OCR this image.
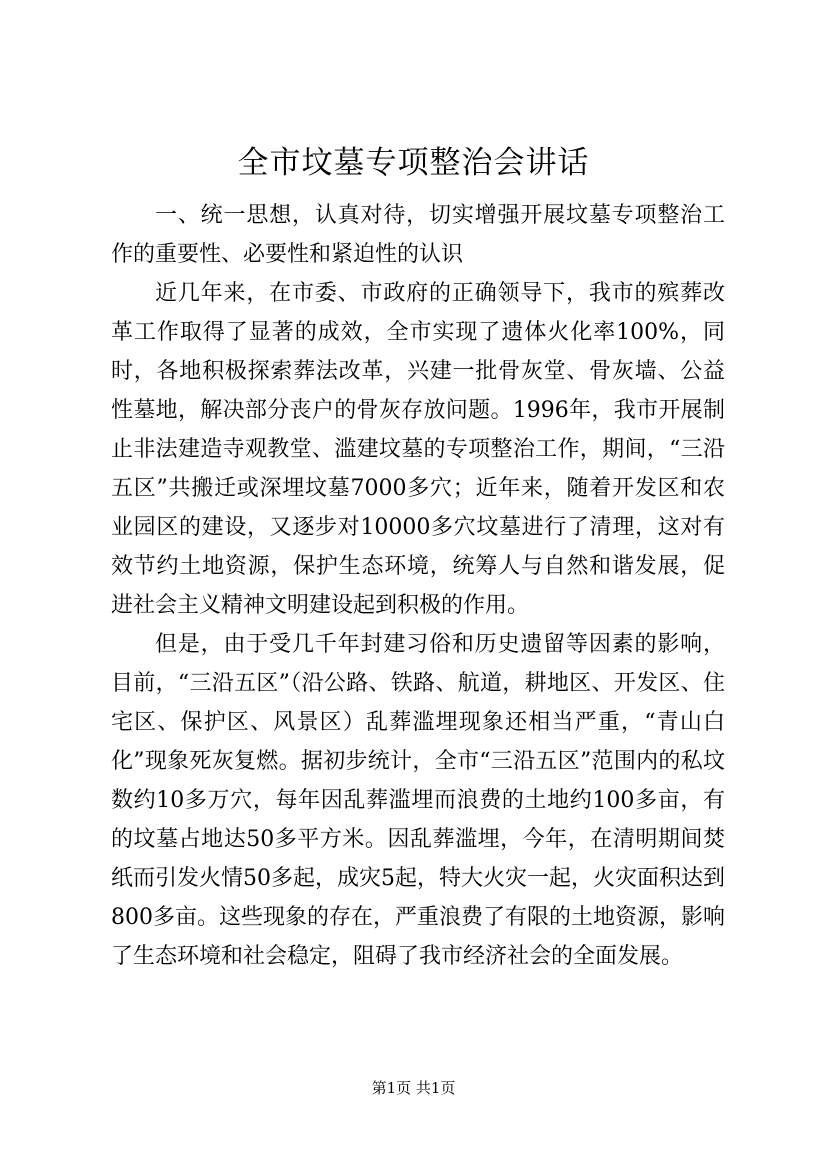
全市坟墓专项整治会讲话

一、统一思想，认真对待，切实增强开展坟墓专项整治工作的重要性、必要性和紧迫性的认识

近几年来，在市委、市政府的正确领导下，我市的殡葬改革工作取得了显著的成效，全市实现了遗体火化率100%，同时，各地积极探索葬法改革，兴建一批骨灰堂、骨灰墙、公益性墓地，解决部分丧户的骨灰存放问题。1996年，我市开展制止非法建造寺观教堂、滥建坟墓的专项整治工作，期间，“三沿五区”共搬迁或深埋坟墓7000多穴；近年来，随着开发区和农业园区的建设，又逐步对10000多穴坟墓进行了清理，这对有效节约土地资源，保护生态环境，统筹人与自然和谐发展，促进社会主义精神文明建设起到积极的作用。

但是，由于受几千年封建习俗和历史遗留等因素的影响，目前，“三沿五区”（沿公路、铁路、航道，耕地区、开发区、住宅区、保护区、风景区）乱葬滥埋现象还相当严重，“青山白化”现象死灰复燃。据初步统计，全市“三沿五区”范围内的私坟数约10多万穴，每年因乱葬滥埋而浪费的土地约100多亩，有的坟墓占地达50多平方米。因乱葬滥埋，今年，在清明期间焚纸而引发火情50多起，成灾5起，特大火灾一起，火灾面积达到800多亩。这些现象的存在，严重浪费了有限的土地资源，影响了生态环境和社会稳定，阻碍了我市经济社会的全面发展。

第1页 共1页
